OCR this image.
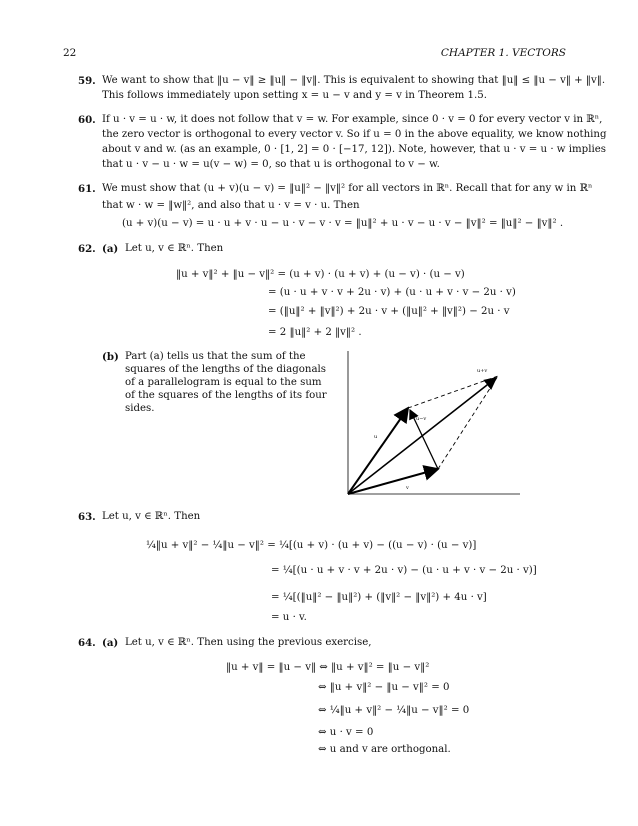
22	CHAPTER 1. VECTORS
59. We want to show that ‖u − v‖ ≥ ‖u‖ − ‖v‖. This is equivalent to showing that ‖u‖ ≤ ‖u − v‖ + ‖v‖.
This follows immediately upon setting x = u − v and y = v in Theorem 1.5.
60. If u · v = u · w, it does not follow that v = w. For example, since 0 · v = 0 for every vector v in ℝⁿ,
the zero vector is orthogonal to every vector v. So if u = 0 in the above equality, we know nothing
about v and w. (as an example, 0 · [1, 2] = 0 · [−17, 12]). Note, however, that u · v = u · w implies
that u · v − u · w = u(v − w) = 0, so that u is orthogonal to v − w.
61. We must show that (u + v)(u − v) = ‖u‖² − ‖v‖² for all vectors in ℝⁿ. Recall that for any w in ℝⁿ
that w · w = ‖w‖², and also that u · v = v · u. Then
(u + v)(u − v) = u · u + v · u − u · v − v · v = ‖u‖² + u · v − u · v − ‖v‖² = ‖u‖² − ‖v‖² .
62. (a) Let u, v ∈ ℝⁿ. Then
‖u + v‖² + ‖u − v‖² = (u + v) · (u + v) + (u − v) · (u − v)
= (u · u + v · v + 2u · v) + (u · u + v · v − 2u · v)
= (‖u‖² + ‖v‖²) + 2u · v + (‖u‖² + ‖v‖²) − 2u · v
= 2 ‖u‖² + 2 ‖v‖² .
(b) Part (a) tells us that the sum of the
squares of the lengths of the diagonals
of a parallelogram is equal to the sum
of the squares of the lengths of its four
sides.
u+v
u−v
u
v
63. Let u, v ∈ ℝⁿ. Then
¼‖u + v‖² − ¼‖u − v‖² = ¼[(u + v) · (u + v) − ((u − v) · (u − v)]
= ¼[(u · u + v · v + 2u · v) − (u · u + v · v − 2u · v)]
= ¼[(‖u‖² − ‖u‖²) + (‖v‖² − ‖v‖²) + 4u · v]
= u · v.
64. (a) Let u, v ∈ ℝⁿ. Then using the previous exercise,
‖u + v‖ = ‖u − v‖ ⇔ ‖u + v‖² = ‖u − v‖²
⇔ ‖u + v‖² − ‖u − v‖² = 0
⇔ ¼‖u + v‖² − ¼‖u − v‖² = 0
⇔ u · v = 0
⇔ u and v are orthogonal.
